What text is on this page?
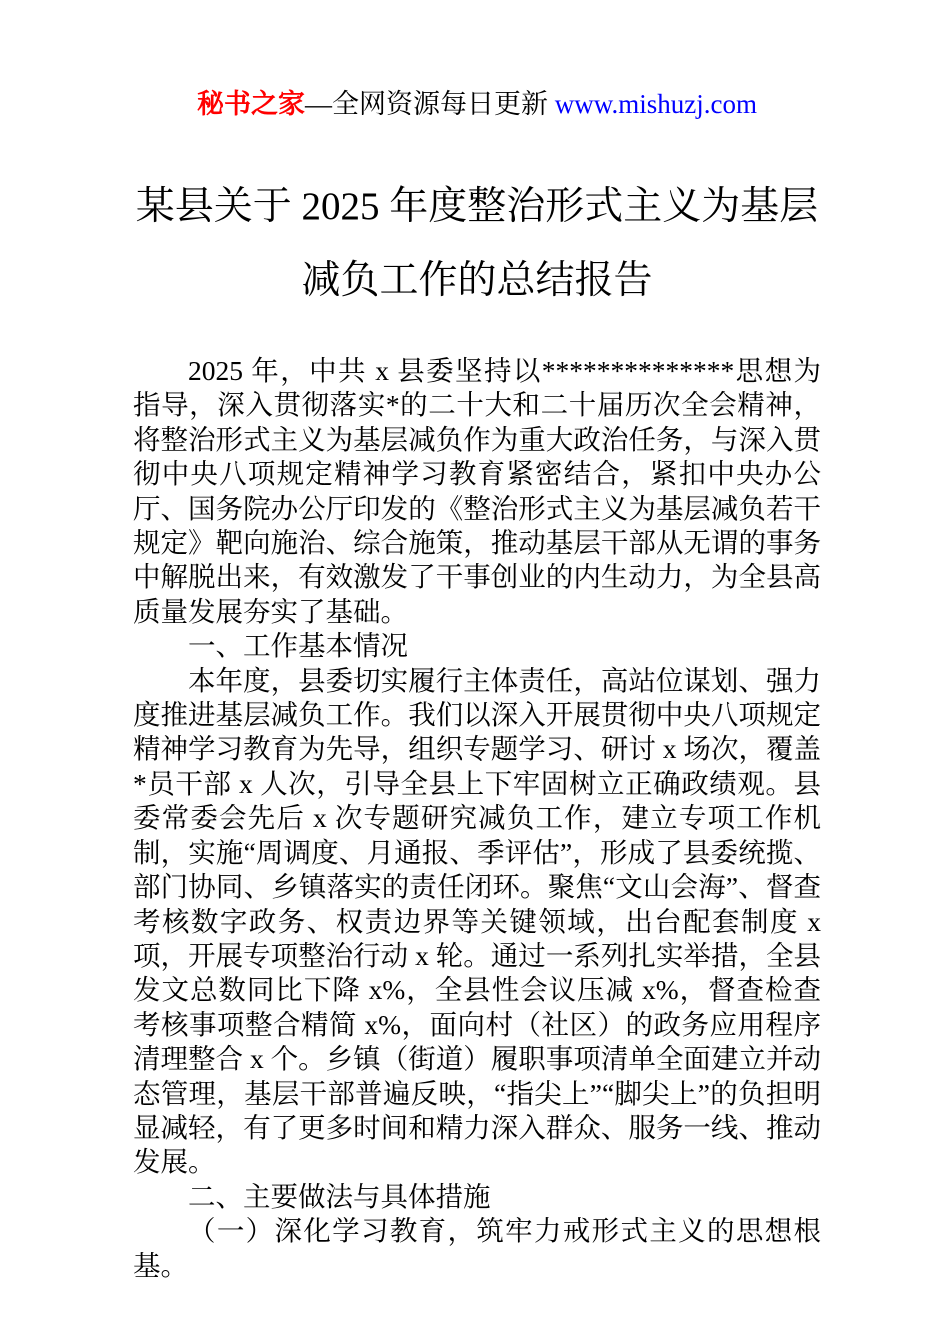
秘书之家—全网资源每日更新 www.mishuzj.com
某县关于 2025 年度整治形式主义为基层减负工作的总结报告

2025 年，中共 x 县委坚持以**************思想为指导，深入贯彻落实*的二十大和二十届历次全会精神，将整治形式主义为基层减负作为重大政治任务，与深入贯彻中央八项规定精神学习教育紧密结合，紧扣中央办公厅、国务院办公厅印发的《整治形式主义为基层减负若干规定》靶向施治、综合施策，推动基层干部从无谓的事务中解脱出来，有效激发了干事创业的内生动力，为全县高质量发展夯实了基础。

一、工作基本情况

本年度，县委切实履行主体责任，高站位谋划、强力度推进基层减负工作。我们以深入开展贯彻中央八项规定精神学习教育为先导，组织专题学习、研讨 x 场次，覆盖*员干部 x 人次，引导全县上下牢固树立正确政绩观。县委常委会先后 x 次专题研究减负工作，建立专项工作机制，实施“周调度、月通报、季评估”，形成了县委统揽、部门协同、乡镇落实的责任闭环。聚焦“文山会海”、督查考核数字政务、权责边界等关键领域，出台配套制度 x 项，开展专项整治行动 x 轮。通过一系列扎实举措，全县发文总数同比下降 x%，全县性会议压减 x%，督查检查考核事项整合精简 x%，面向村（社区）的政务应用程序清理整合 x 个。乡镇（街道）履职事项清单全面建立并动态管理，基层干部普遍反映，“指尖上”“脚尖上”的负担明显减轻，有了更多时间和精力深入群众、服务一线、推动发展。

二、主要做法与具体措施

（一）深化学习教育，筑牢力戒形式主义的思想根基。
